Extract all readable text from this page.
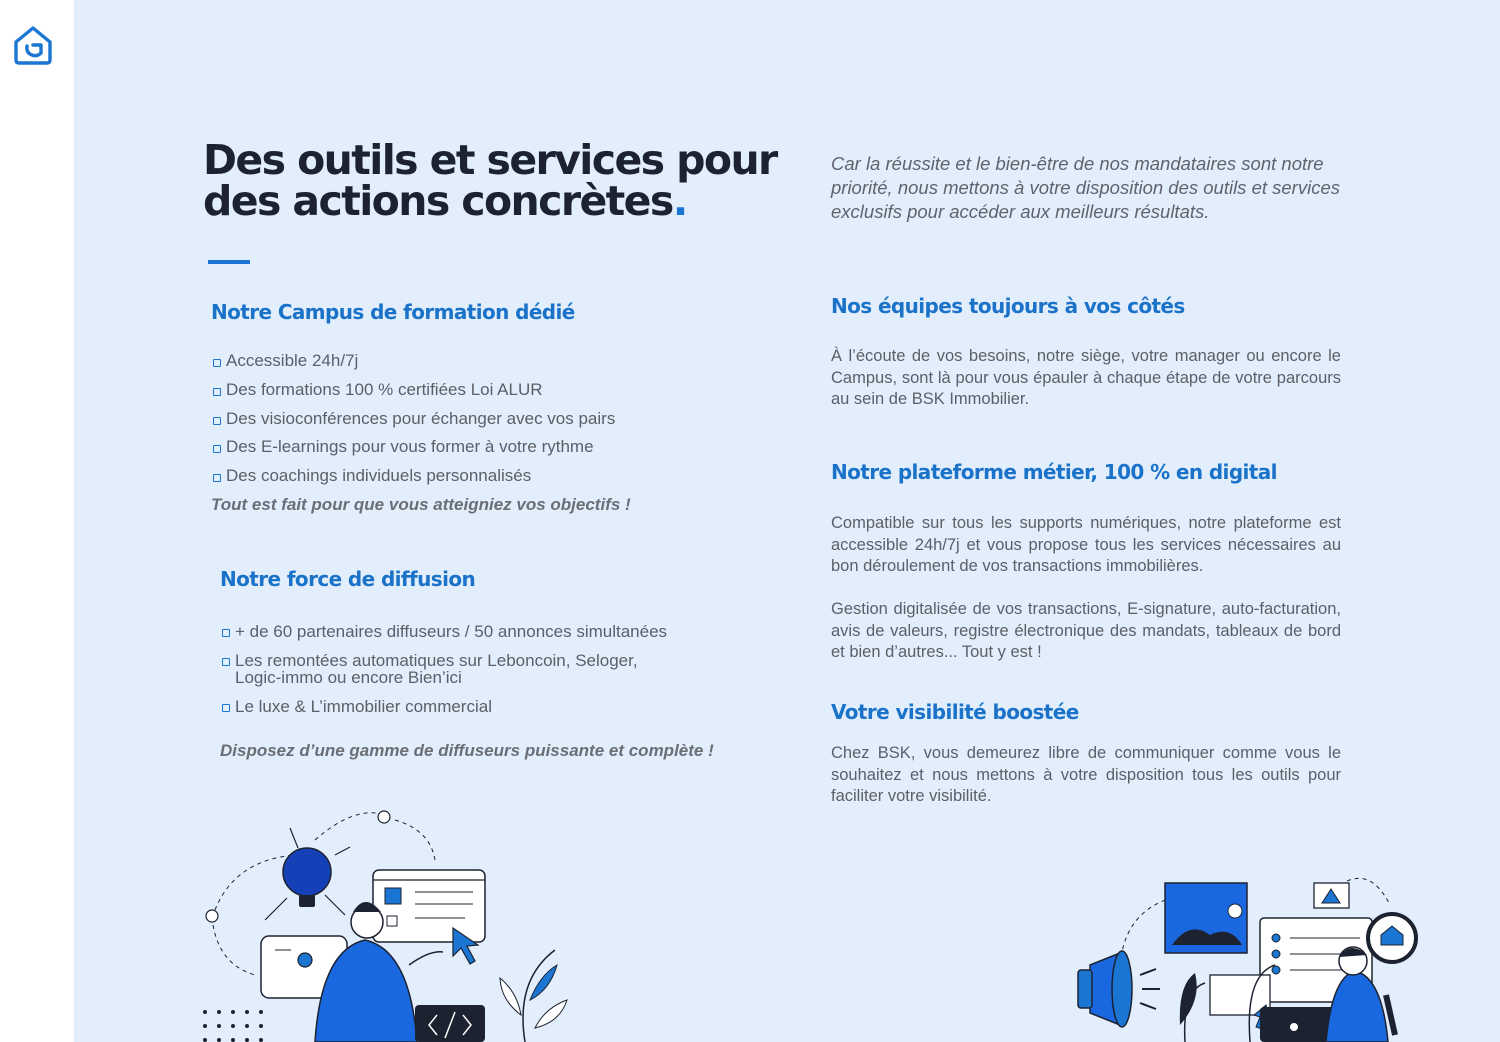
Des outils et services pour
des actions concrètes.

Car la réussite et le bien-être de nos mandataires sont notre priorité, nous mettons à votre disposition des outils et services exclusifs pour accéder aux meilleurs résultats.

Notre Campus de formation dédié
Accessible 24h/7j
Des formations 100 % certifiées Loi ALUR
Des visioconférences pour échanger avec vos pairs
Des E-learnings pour vous former à votre rythme
Des coachings individuels personnalisés

Tout est fait pour que vous atteigniez vos objectifs !

Notre force de diffusion
+ de 60 partenaires diffuseurs / 50 annonces simultanées
Les remontées automatiques sur Leboncoin, Seloger, Logic-immo ou encore Bien’ici
Le luxe & L’immobilier commercial

Disposez d’une gamme de diffuseurs puissante et complète !

Nos équipes toujours à vos côtés

À l’écoute de vos besoins, notre siège, votre manager ou encore le Campus, sont là pour vous épauler à chaque étape de votre parcours au sein de BSK Immobilier.

Notre plateforme métier, 100 % en digital

Compatible sur tous les supports numériques, notre plateforme est accessible 24h/7j et vous propose tous les services nécessaires au bon déroulement de vos transactions immobilières.

Gestion digitalisée de vos transactions, E-signature, auto-facturation, avis de valeurs, registre électronique des mandats, tableaux de bord et bien d’autres... Tout y est !

Votre visibilité boostée

Chez BSK, vous demeurez libre de communiquer comme vous le souhaitez et nous mettons à votre disposition tous les outils pour faciliter votre visibilité.
